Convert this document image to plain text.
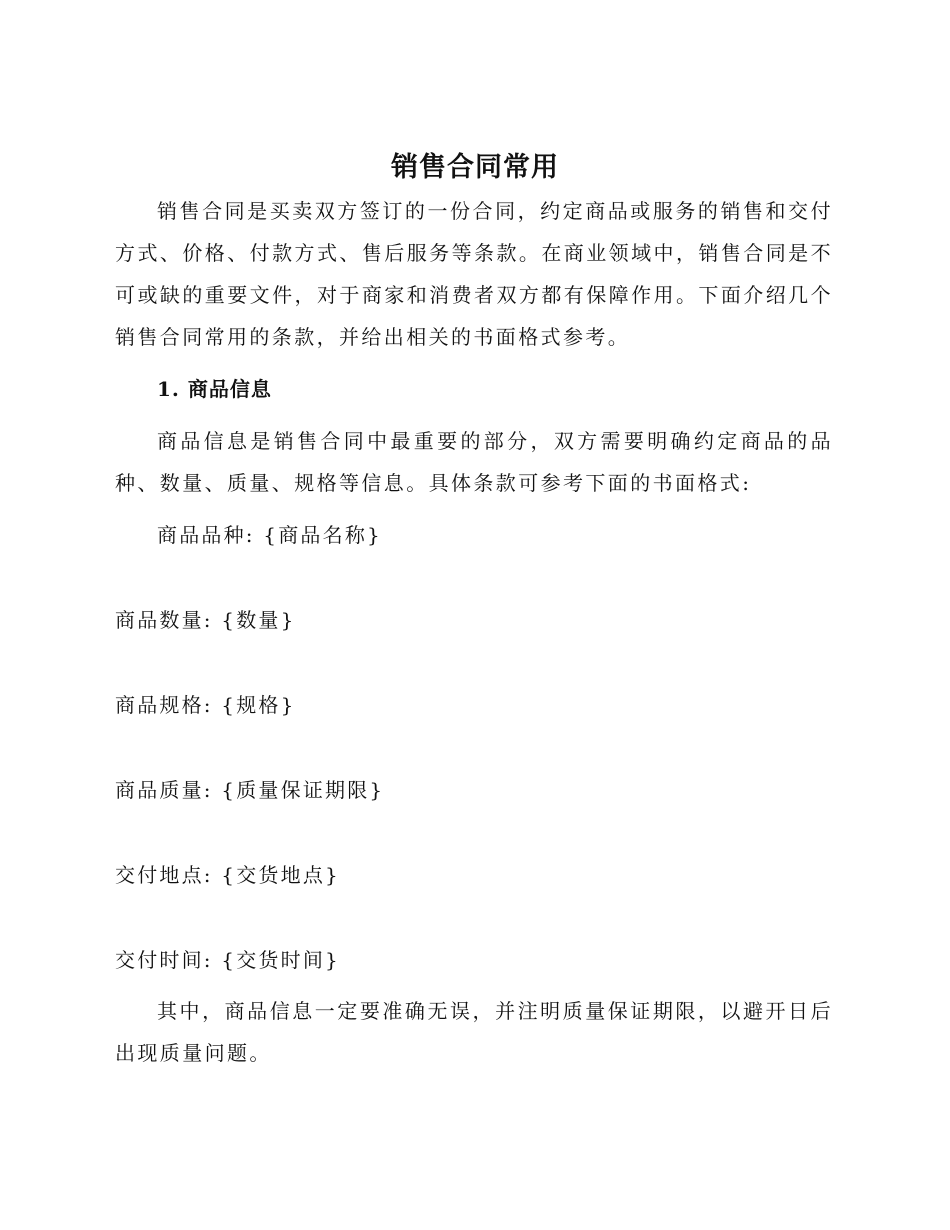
销售合同常用

销售合同是买卖双方签订的一份合同，约定商品或服务的销售和交付方式、价格、付款方式、售后服务等条款。在商业领域中，销售合同是不可或缺的重要文件，对于商家和消费者双方都有保障作用。下面介绍几个销售合同常用的条款，并给出相关的书面格式参考。

1. 商品信息

商品信息是销售合同中最重要的部分，双方需要明确约定商品的品种、数量、质量、规格等信息。具体条款可参考下面的书面格式:

商品品种: {商品名称}
商品数量: {数量}
商品规格: {规格}
商品质量: {质量保证期限}
交付地点: {交货地点}
交付时间: {交货时间}

其中，商品信息一定要准确无误，并注明质量保证期限，以避开日后出现质量问题。
